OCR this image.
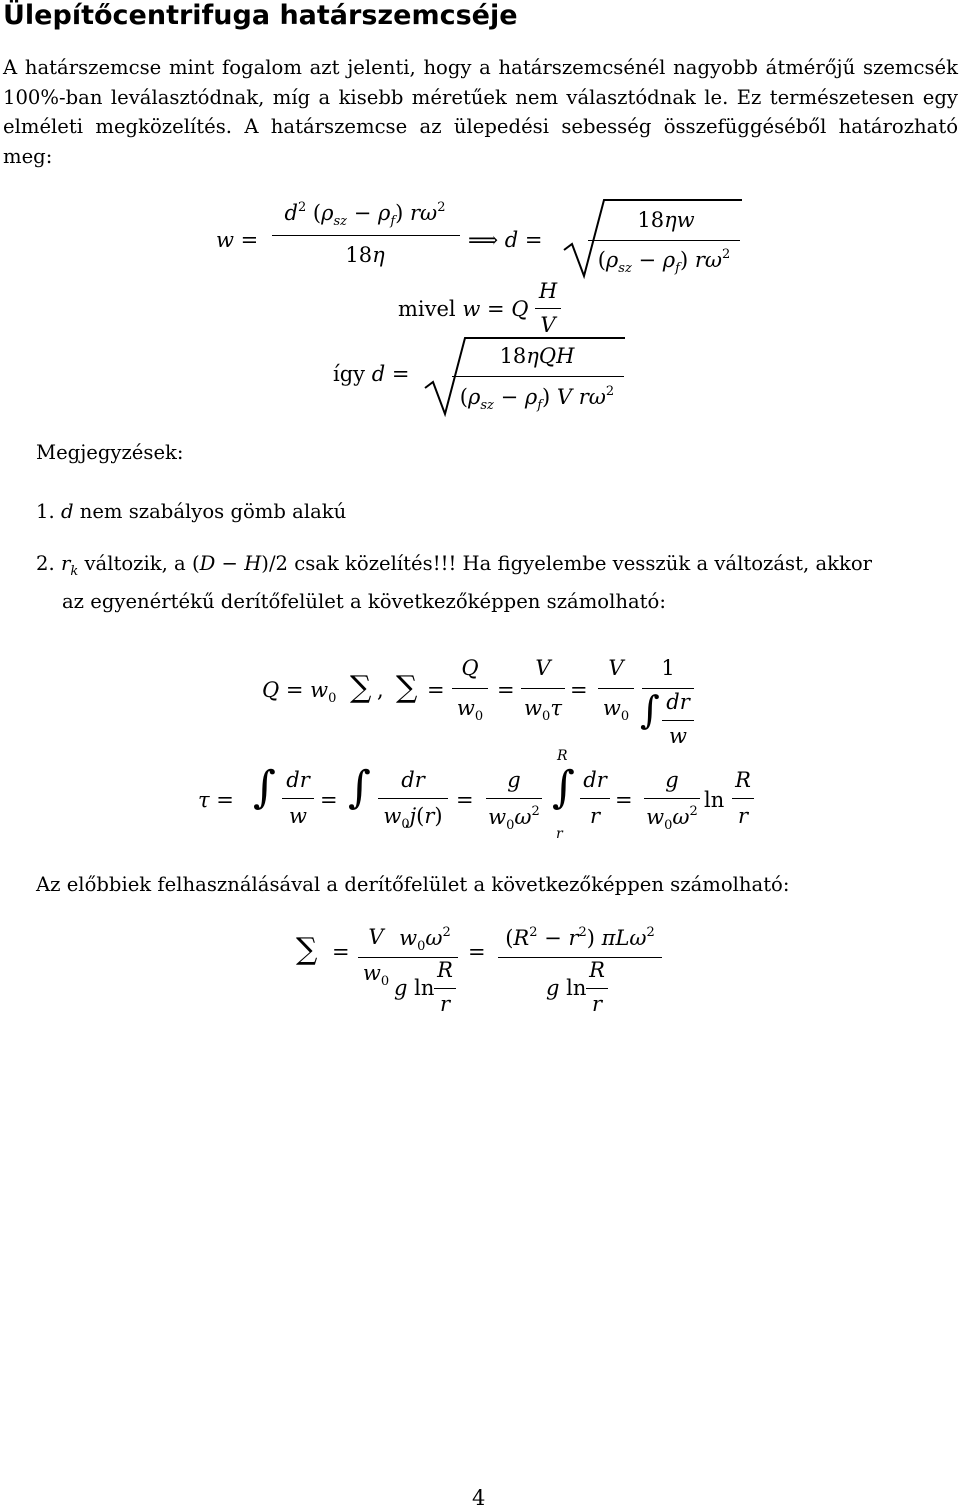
Ülepítőcentrifuga határszemcséje
A határszemcse mint fogalom azt jelenti, hogy a határszemcsénél nagyobb átmérőjű szemcsék 100%-ban leválasztódnak, míg a kisebb méretűek nem választódnak le. Ez természetesen egy elméleti megközelítés. A határszemcse az ülepedési sebesség összefüggéséből határozható meg:
w =
$d^2$ $(\rho_{sz} - \rho_f)$ $r\omega^2$
18η
⟹ d =
18ηw
$(\rho_{sz} - \rho_f)$ $r\omega^2$
mivel w = Q
H
V
így d =
18ηQH
$(\rho_{sz} - \rho_f)$ V $r\omega^2$
Megjegyzések:
1. d nem szabályos gömb alakú
2. $r_k$ változik, a (D − H)/2 csak közelítés!!! Ha figyelembe vesszük a változást, akkor
az egyenértékű derítőfelület a következőképpen számolható:
$Q = w_0$ ∑ , ∑ =
Q
$w_0$
=
V
$w_0\tau$
=
V
$w_0$
1
∫ dr
w
τ = ∫ dr
w
= ∫	dr
$w_0j(r)$
=
g
$w_0\omega^2$
R
∫
r
dr
r
=
g
$w_0\omega^2$ ln
R
r
Az előbbiek felhasználásával a derítőfelület a következőképpen számolható:
∑ =
V
$w_0$
$w_0\omega^2$
g ln
R
r
=
$(R^2 - r^2)$ πLω$^2$
g ln
R
r
4
